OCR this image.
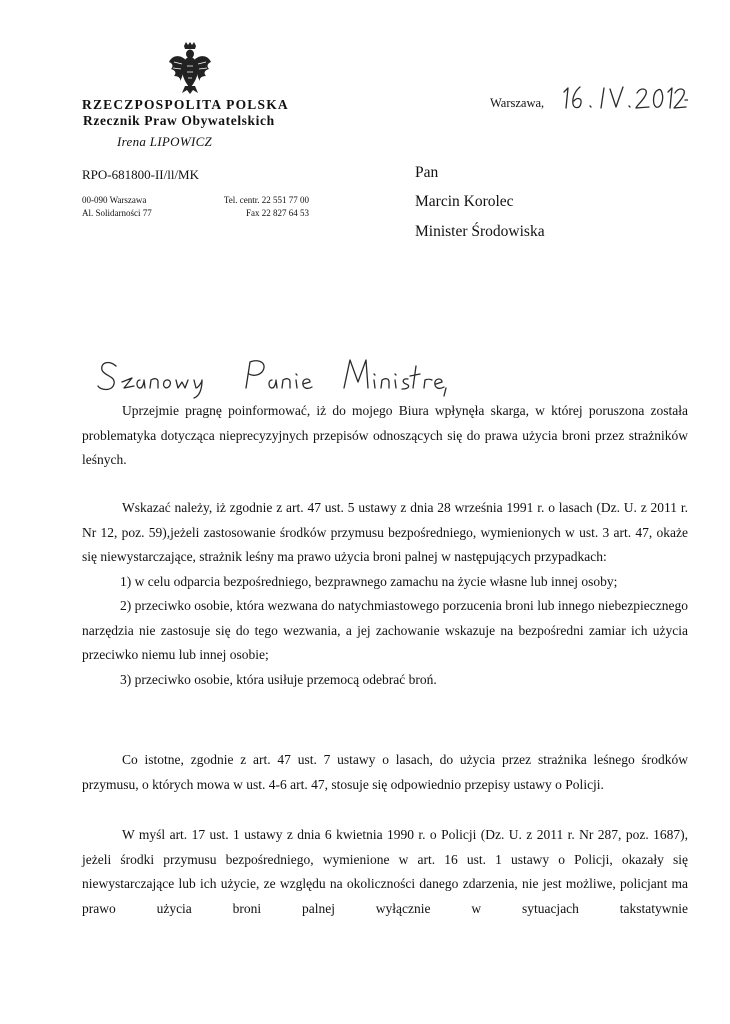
RZECZPOSPOLITA POLSKA
Rzecznik Praw Obywatelskich
Irena LIPOWICZ
RPO-681800-II/ll/MK
00-090 Warszawa
Al. Solidarności 77
Tel. centr. 22 551 77 00
Fax 22 827 64 53
Warszawa,
Pan
Marcin Korolec
Minister Środowiska

Uprzejmie pragnę poinformować, iż do mojego Biura wpłynęła skarga, w której poruszona została problematyka dotycząca nieprecyzyjnych przepisów odnoszących się do prawa użycia broni przez strażników leśnych.

Wskazać należy, iż zgodnie z art. 47 ust. 5 ustawy z dnia 28 września 1991 r. o lasach (Dz. U. z 2011 r. Nr 12, poz. 59),jeżeli zastosowanie środków przymusu bezpośredniego, wymienionych w ust. 3 art. 47, okaże się niewystarczające, strażnik leśny ma prawo użycia broni palnej w następujących przypadkach:

1) w celu odparcia bezpośredniego, bezprawnego zamachu na życie własne lub innej osoby;

2) przeciwko osobie, która wezwana do natychmiastowego porzucenia broni lub innego niebezpiecznego narzędzia nie zastosuje się do tego wezwania, a jej zachowanie wskazuje na bezpośredni zamiar ich użycia przeciwko niemu lub innej osobie;

3) przeciwko osobie, która usiłuje przemocą odebrać broń.

Co istotne, zgodnie z art. 47 ust. 7 ustawy o lasach, do użycia przez strażnika leśnego środków przymusu, o których mowa w ust. 4-6 art. 47, stosuje się odpowiednio przepisy ustawy o Policji.

W myśl art. 17 ust. 1 ustawy z dnia 6 kwietnia 1990 r. o Policji (Dz. U. z 2011 r. Nr 287, poz. 1687), jeżeli środki przymusu bezpośredniego, wymienione w art. 16 ust. 1 ustawy o Policji, okazały się niewystarczające lub ich użycie, ze względu na okoliczności danego zdarzenia, nie jest możliwe, policjant ma prawo użycia broni palnej wyłącznie w sytuacjach takstatywnie
